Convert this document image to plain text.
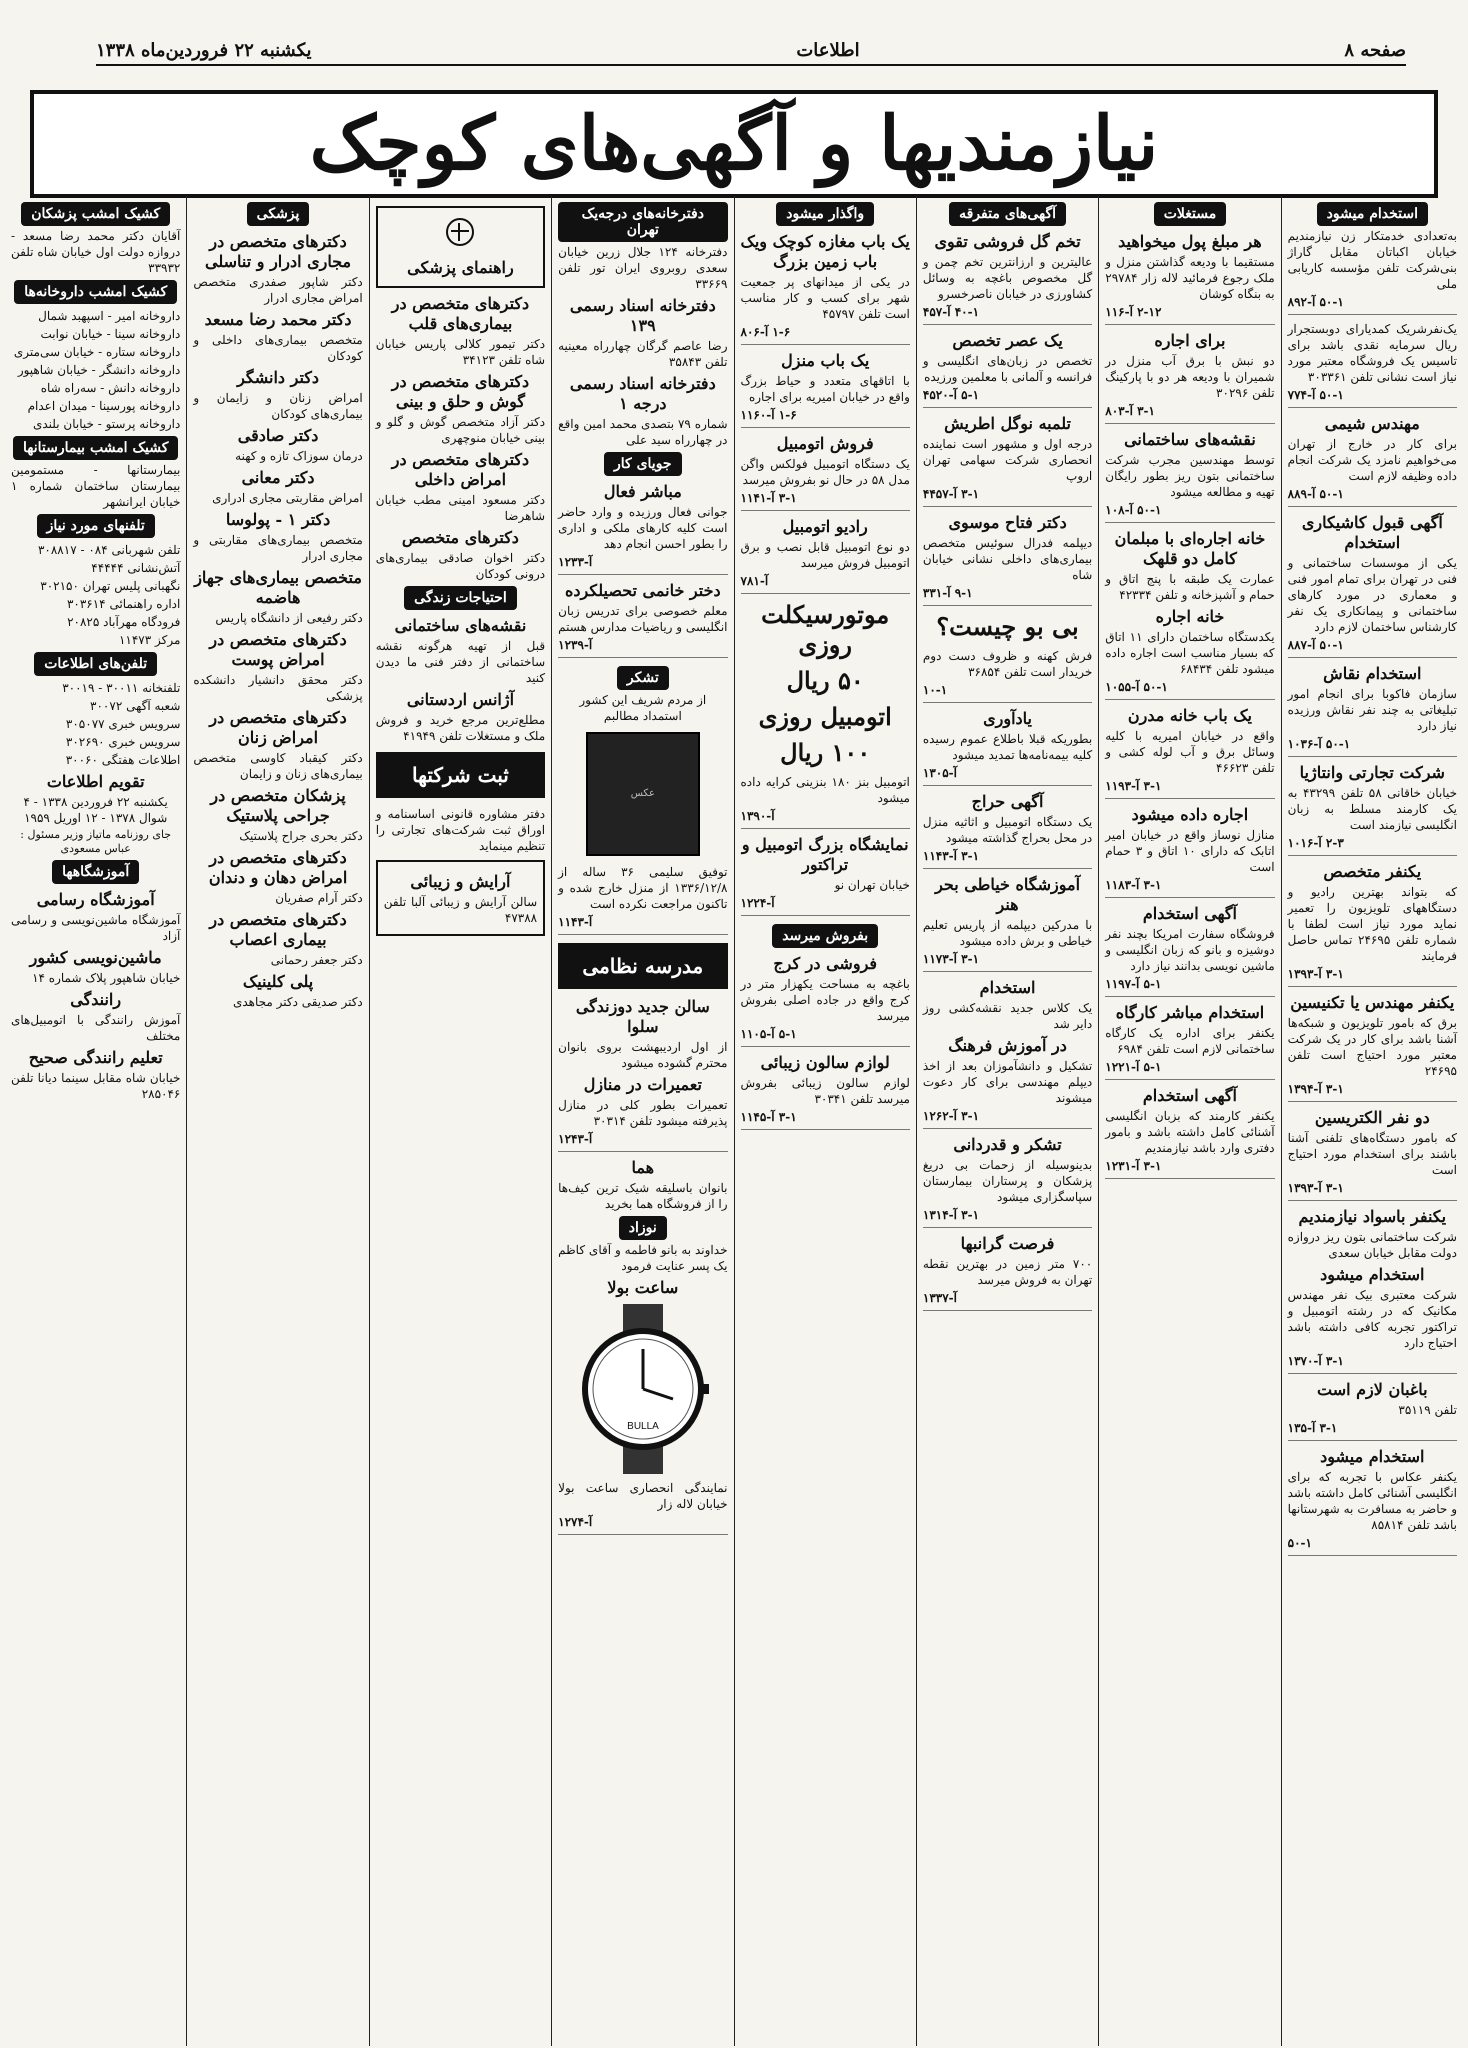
صفحه ۸
اطلاعات
یکشنبه ۲۲ فروردین‌ماه ۱۳۳۸
نیازمندیها و آگهی‌های کوچک
استخدام میشود

به‌تعدادی خدمتکار زن نیازمندیم خیابان اکباتان مقابل گاراژ بنی‌شرکت تلفن مؤسسه کاریابی ملی

۵۰-۱ آ-۸۹۲

یک‌نفرشریک کمدیارای دوبستجرار ریال سرمایه نقدی باشد برای تاسیس یک فروشگاه معتبر مورد نیاز است نشانی تلفن ۳۰۳۳۶۱

۵۰-۱ آ-۷۷۴

مهندس شیمی

برای کار در خارج از تهران می‌خواهیم نامزد یک شرکت انجام داده وظیفه لازم است

۵۰-۱ آ-۸۸۹

آگهی قبول کاشیکاری استخدام

یکی از موسسات ساختمانی و فنی در تهران برای تمام امور فنی و معماری در مورد کارهای ساختمانی و پیمانکاری یک نفر کارشناس ساختمان لازم دارد

۵۰-۱ آ-۸۸۷

استخدام نقاش

سازمان فاکوبا برای انجام امور تبلیغاتی به چند نفر نقاش ورزیده نیاز دارد

۵۰-۱ آ-۱۰۳۶

شرکت تجارتی وانتاژیا

خیابان خاقانی ۵۸ تلفن ۴۳۲۹۹ به یک کارمند مسلط به زبان انگلیسی نیازمند است

۲-۳ آ-۱۰۱۶

یکنفر متخصص

که بتواند بهترین رادیو و دستگاههای تلویزیون را تعمیر نماید مورد نیاز است لطفا با شماره تلفن ۲۴۶۹۵ تماس حاصل فرمایند

۳-۱ آ-۱۳۹۳

یکنفر مهندس یا تکنیسین

برق که بامور تلویزیون و شبکه‌ها آشنا باشد برای کار در یک شرکت معتبر مورد احتیاج است تلفن ۲۴۶۹۵

۳-۱ آ-۱۳۹۴

دو نفر الکتریسین

که بامور دستگاه‌های تلفنی آشنا باشند برای استخدام مورد احتیاج است

۳-۱ آ-۱۳۹۳

یکنفر باسواد نیازمندیم

شرکت ساختمانی بتون ریز دروازه دولت مقابل خیابان سعدی

استخدام میشود

شرکت معتبری بیک نفر مهندس مکانیک که در رشته اتومبیل و تراکتور تجربه کافی داشته باشد احتیاج دارد

۳-۱ آ-۱۳۷۰

باغبان لازم است

تلفن ۳۵۱۱۹

۳-۱ آ-۱۳۵

استخدام میشود

یکنفر عکاس با تجربه که برای انگلیسی آشنائی کامل داشته باشد و حاضر به مسافرت به شهرستانها باشد تلفن ۸۵۸۱۴

۵۰-۱

مستغلات
هر مبلغ پول میخواهید

مستقیما با ودیعه گذاشتن منزل و ملک رجوع فرمائید لاله زار ۲۹۷۸۴ به بنگاه کوشان

۲-۱۲ آ-۱۱۶

برای اجاره

دو نبش با برق آب منزل در شمیران با ودیعه هر دو با پارکینگ تلفن ۳۰۲۹۶

۳-۱ آ-۸۰۳

نقشه‌های ساختمانی

توسط مهندسین مجرب شرکت ساختمانی بتون ریز بطور رایگان تهیه و مطالعه میشود

۵۰-۱ آ-۱۰۸

خانه اجاره‌ای با مبلمان کامل دو قلهک

عمارت یک طبقه با پنج اتاق و حمام و آشپزخانه و تلفن ۴۲۳۳۴

خانه اجاره

یکدستگاه ساختمان دارای ۱۱ اتاق که بسیار مناسب است اجاره داده میشود تلفن ۶۸۴۳۴

۵۰-۱ آ-۱۰۵۵

یک باب خانه مدرن

واقع در خیابان امیریه با کلیه وسائل برق و آب لوله کشی و تلفن ۴۶۶۲۳

۳-۱ آ-۱۱۹۳

اجاره داده میشود

منازل نوساز واقع در خیابان امیر اتابک که دارای ۱۰ اتاق و ۳ حمام است

۳-۱ آ-۱۱۸۳

آگهی استخدام

فروشگاه سفارت امریکا بچند نفر دوشیزه و بانو که زبان انگلیسی و ماشین نویسی بدانند نیاز دارد

۵-۱ آ-۱۱۹۷

استخدام مباشر کارگاه

یکنفر برای اداره یک کارگاه ساختمانی لازم است تلفن ۶۹۸۴

۵-۱ آ-۱۲۲۱

آگهی استخدام

یکنفر کارمند که بزبان انگلیسی آشنائی کامل داشته باشد و بامور دفتری وارد باشد نیازمندیم

۳-۱ آ-۱۲۳۱

آگهی‌های متفرقه
تخم گل فروشی تقوی

عالیترین و ارزانترین تخم چمن و گل مخصوص باغچه به وسائل کشاورزی در خیابان ناصرخسرو

۴۰-۱ آ-۴۵۷

یک عصر تخصص

تخصص در زبان‌های انگلیسی و فرانسه و آلمانی با معلمین ورزیده

۵-۱ آ-۴۵۲۰

تلمبه نوگل اطریش

درجه اول و مشهور است نماینده انحصاری شرکت سهامی تهران اروپ

۳-۱ آ-۴۴۵۷

دکتر فتاح موسوی

دیپلمه فدرال سوئیس متخصص بیماری‌های داخلی نشانی خیابان شاه

۹-۱ آ-۳۳۱

بی بو چیست؟

فرش کهنه و ظروف دست دوم خریدار است تلفن ۳۶۸۵۴

۱۰-۱

یادآوری

بطوریکه قبلا باطلاع عموم رسیده کلیه بیمه‌نامه‌ها تمدید میشود

آ-۱۳۰۵

آگهی حراج

یک دستگاه اتومبیل و اثاثیه منزل در محل بحراج گذاشته میشود

۳-۱ آ-۱۱۴۳

آموزشگاه خیاطی بحر هنر

با مدرکین دیپلمه از پاریس تعلیم خیاطی و برش داده میشود

۳-۱ آ-۱۱۷۳

استخدام

یک کلاس جدید نقشه‌کشی روز دایر شد

در آموزش فرهنگ

تشکیل و دانشآموزان بعد از اخذ دیپلم مهندسی برای کار دعوت میشوند

۳-۱ آ-۱۲۶۲

تشکر و قدردانی

بدینوسیله از زحمات بی دریغ پزشکان و پرستاران بیمارستان سپاسگزاری میشود

۳-۱ آ-۱۳۱۴

فرصت گرانبها

۷۰۰ متر زمین در بهترین نقطه تهران به فروش میرسد

آ-۱۳۳۷

واگذار میشود
یک باب مغازه کوچک ویک باب زمین بزرگ

در یکی از میدانهای پر جمعیت شهر برای کسب و کار مناسب است تلفن ۴۵۷۹۷

۱-۶ آ-۸۰۶

یک باب منزل

با اتاقهای متعدد و حیاط بزرگ واقع در خیابان امیریه برای اجاره

۱-۶ آ-۱۱۶۰

فروش اتومبیل

یک دستگاه اتومبیل فولکس واگن مدل ۵۸ در حال نو بفروش میرسد

۳-۱ آ-۱۱۴۱

رادیو اتومبیل

دو نوع اتومبیل قابل نصب و برق اتومبیل فروش میرسد

آ-۷۸۱

موتورسیکلت روزی
۵۰ ریال
اتومبیل روزی
۱۰۰ ریال

اتومبیل بنز ۱۸۰ بنزینی کرایه داده میشود

آ-۱۳۹۰

نمایشگاه بزرگ اتومبیل و تراکتور

خیابان تهران نو

آ-۱۲۲۴

بفروش میرسد
فروشی در کرج

باغچه به مساحت یکهزار متر در کرج واقع در جاده اصلی بفروش میرسد

۵-۱ آ-۱۱۰۵

لوازم سالون زیبائی

لوازم سالون زیبائی بفروش میرسد تلفن ۳۰۳۴۱

۳-۱ آ-۱۱۴۵

دفترخانه‌های درجه‌یک تهران

دفترخانه ۱۲۴ جلال زرین خیابان سعدی روبروی ایران تور تلفن ۳۳۶۶۹

دفترخانه اسناد رسمی ۱۳۹

رضا عاصم گرگان چهارراه معینیه تلفن ۳۵۸۴۳

دفترخانه اسناد رسمی درجه ۱

شماره ۷۹ بتصدی محمد امین واقع در چهارراه سید علی

جویای کار
مباشر فعال

جوانی فعال ورزیده و وارد حاضر است کلیه کار‌های ملکی و اداری را بطور احسن انجام دهد

آ-۱۲۳۳

دختر خانمی تحصیلکرده

معلم خصوصی برای تدریس زبان انگلیسی و ریاضیات مدارس هستم

آ-۱۲۳۹

تشکر

از مردم شریف این کشور استمداد مطالبم

عکس

توفیق سلیمی ۳۶ ساله از ۱۳۳۶/۱۲/۸ از منزل خارج شده و تاکنون مراجعت نکرده است

آ-۱۱۴۳

مدرسه نظامی
سالن جدید دوزندگی سلوا

از اول اردیبهشت بروی بانوان محترم گشوده میشود

تعمیرات در منازل

تعمیرات بطور کلی در منازل پذیرفته میشود تلفن ۳۰۳۱۴

آ-۱۲۴۳

هما

بانوان باسلیقه شیک ترین کیف‌ها را از فروشگاه هما بخرید

نوزاد

خداوند به بانو فاطمه و آقای کاظم یک پسر عنایت فرمود

ساعت بولا
BULLA

نمایندگی انحصاری ساعت بولا خیابان لاله زار

آ-۱۲۷۴

راهنمای پزشکی
دکترهای متخصص در بیماری‌های قلب

دکتر تیمور کلالی پاریس خیابان شاه تلفن ۳۴۱۲۳

دکترهای متخصص در گوش و حلق و بینی

دکتر آزاد متخصص گوش و گلو و بینی خیابان منوچهری

دکترهای متخصص در امراض داخلی

دکتر مسعود امینی مطب خیابان شاهرضا

دکترهای متخصص

دکتر اخوان صادقی بیماری‌های درونی کودکان

احتیاجات زندگی
نقشه‌های ساختمانی

قبل از تهیه هرگونه نقشه ساختمانی از دفتر فنی ما دیدن کنید

آژانس اردستانی

مطلع‌ترین مرجع خرید و فروش ملک و مستغلات تلفن ۴۱۹۴۹

ثبت شرکتها

دفتر مشاوره قانونی اساسنامه و اوراق ثبت شرکت‌های تجارتی را تنظیم مینماید

آرایش و زیبائی

سالن آرایش و زیبائی آلبا تلفن ۴۷۳۸۸

پزشکی
دکترهای متخصص در مجاری ادرار و تناسلی

دکتر شاپور صفدری متخصص امراض مجاری ادرار

دکتر محمد رضا مسعد

متخصص بیماری‌های داخلی و کودکان

دکتر دانشگر

امراض زنان و زایمان و بیماری‌های کودکان

دکتر صادقی

درمان سوزاک تازه و کهنه

دکتر معانی

امراض مقاربتی مجاری ادراری

دکتر ۱ - پولوسا

متخصص بیماری‌های مقاربتی و مجاری ادرار

متخصص بیماری‌های جهاز هاضمه

دکتر رفیعی از دانشگاه پاریس

دکترهای متخصص در امراض پوست

دکتر محقق دانشیار دانشکده پزشکی

دکترهای متخصص در امراض زنان

دکتر کیقباد کاوسی متخصص بیماری‌های زنان و زایمان

پزشکان متخصص در جراحی پلاستیک

دکتر بحری جراح پلاستیک

دکترهای متخصص در امراض دهان و دندان

دکتر آرام صفریان

دکترهای متخصص در بیماری اعصاب

دکتر جعفر رحمانی

پلی کلینیک

دکتر صدیقی دکتر مجاهدی

کشیک امشب پزشکان

آقایان دکتر محمد رضا مسعد - دروازه دولت اول خیابان شاه تلفن ۳۳۹۳۲

کشیک امشب داروخانه‌ها
داروخانه امیر - اسپهبد شمال
داروخانه سینا - خیابان نوابت
داروخانه ستاره - خیابان سی‌متری
داروخانه دانشگر - خیابان شاهپور
داروخانه دانش - سه‌راه شاه
داروخانه پورسینا - میدان اعدام
داروخانه پرستو - خیابان بلندی
کشیک امشب بیمارستانها

بیمارستانها - مستمومین بیمارستان ساختمان شماره ۱ خیابان ایرانشهر

تلفنهای مورد نیاز
تلفن شهربانی ۰۸۴ - ۳۰۸۸۱۷
آتش‌نشانی ۴۴۴۴۴
نگهبانی پلیس تهران ۳۰۲۱۵۰
اداره راهنمائی ۳۰۳۶۱۴
فرودگاه مهرآباد ۲۰۸۲۵
مرکز ۱۱۴۷۳
تلفن‌های اطلاعات
تلفنخانه ۳۰۰۱۱ - ۳۰۰۱۹
شعبه آگهی ۳۰۰۷۲
سرویس خبری ۳۰۵۰۷۷
سرویس خبری ۳۰۲۶۹۰
اطلاعات هفتگی ۳۰۰۶۰
تقویم اطلاعات

یکشنبه ۲۲ فروردین ۱۳۳۸ - ۴ شوال ۱۳۷۸ - ۱۲ اوریل ۱۹۵۹

جای روزنامه ماتیاز وزیر مسئول : عباس مسعودی

آموزشگاهها
آموزشگاه رسامی

آموزشگاه ماشین‌نویسی و رسامی آزاد

ماشین‌نویسی کشور

خیابان شاهپور پلاک شماره ۱۴

رانندگی

آموزش رانندگی با اتومبیل‌های مختلف

تعلیم رانندگی صحیح

خیابان شاه مقابل سینما دیانا تلفن ۲۸۵۰۴۶
